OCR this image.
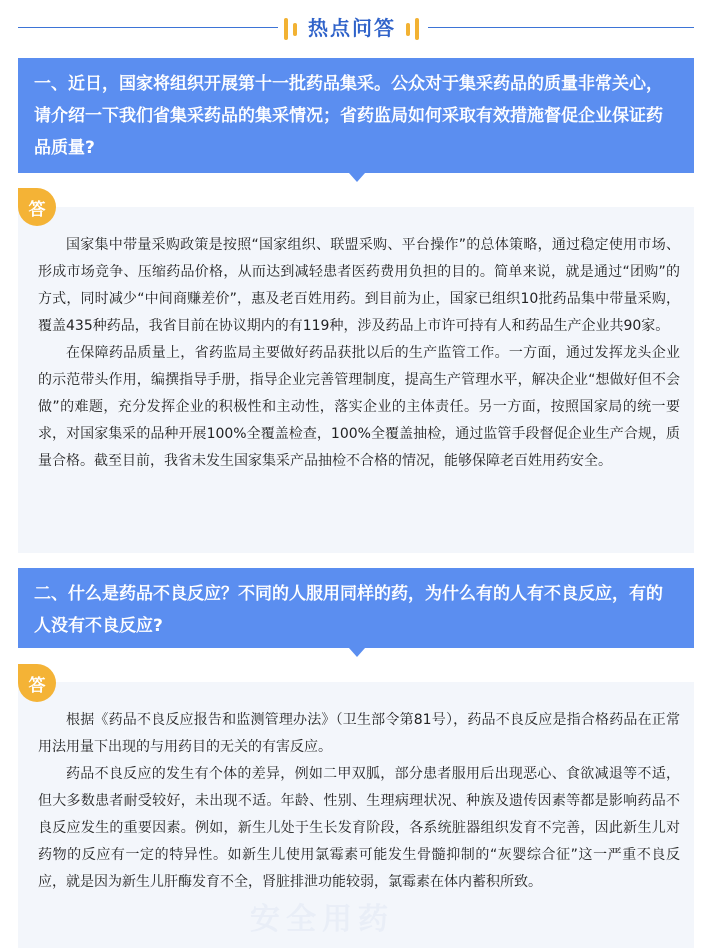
热点问答
一、近日，国家将组织开展第十一批药品集采。公众对于集采药品的质量非常关心，请介绍一下我们省集采药品的集采情况；省药监局如何采取有效措施督促企业保证药品质量?

国家集中带量采购政策是按照“国家组织、联盟采购、平台操作”的总体策略，通过稳定使用市场、形成市场竞争、压缩药品价格，从而达到减轻患者医药费用负担的目的。简单来说，就是通过“团购”的方式，同时减少“中间商赚差价”，惠及老百姓用药。到目前为止，国家已组织10批药品集中带量采购，覆盖435种药品，我省目前在协议期内的有119种，涉及药品上市许可持有人和药品生产企业共90家。

在保障药品质量上，省药监局主要做好药品获批以后的生产监管工作。一方面，通过发挥龙头企业的示范带头作用，编撰指导手册，指导企业完善管理制度，提高生产管理水平，解决企业“想做好但不会做”的难题，充分发挥企业的积极性和主动性，落实企业的主体责任。另一方面，按照国家局的统一要求，对国家集采的品种开展100%全覆盖检查，100%全覆盖抽检，通过监管手段督促企业生产合规，质量合格。截至目前，我省未发生国家集采产品抽检不合格的情况，能够保障老百姓用药安全。

答
二、什么是药品不良反应？不同的人服用同样的药，为什么有的人有不良反应，有的人没有不良反应?

根据《药品不良反应报告和监测管理办法》（卫生部令第81号），药品不良反应是指合格药品在正常用法用量下出现的与用药目的无关的有害反应。

药品不良反应的发生有个体的差异，例如二甲双胍，部分患者服用后出现恶心、食欲减退等不适，但大多数患者耐受较好，未出现不适。年龄、性别、生理病理状况、种族及遗传因素等都是影响药品不良反应发生的重要因素。例如，新生儿处于生长发育阶段，各系统脏器组织发育不完善，因此新生儿对药物的反应有一定的特异性。如新生儿使用氯霉素可能发生骨髓抑制的“灰婴综合征”这一严重不良反应，就是因为新生儿肝酶发育不全，肾脏排泄功能较弱，氯霉素在体内蓄积所致。

答
安全用药
